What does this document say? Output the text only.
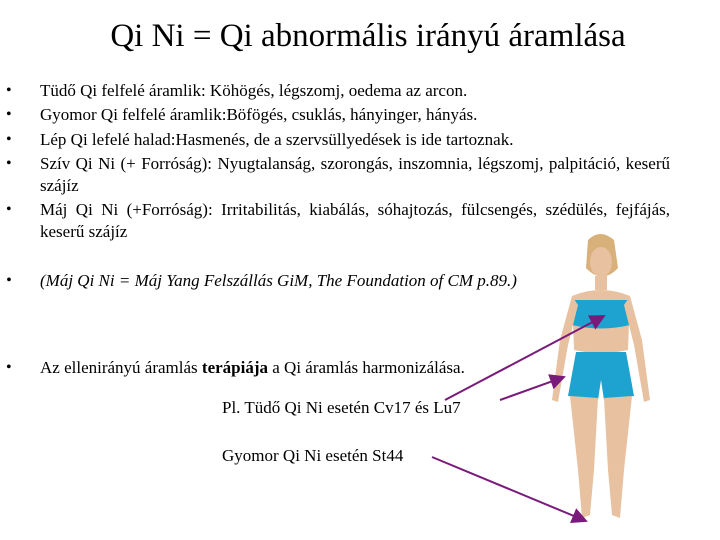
Qi Ni = Qi abnormális irányú áramlása
• Tüdő Qi felfelé áramlik: Köhögés, légszomj, oedema az arcon.
• Gyomor Qi felfelé áramlik:Böfögés, csuklás, hányinger, hányás.
• Lép Qi lefelé halad:Hasmenés, de a szervsüllyedések is ide tartoznak.
• Szív Qi Ni (+ Forróság): Nyugtalanság, szorongás, inszomnia, légszomj, palpitáció, keserű szájíz
• Máj Qi Ni (+Forróság): Irritabilitás, kiabálás, sóhajtozás, fülcsengés, szédülés, fejfájás, keserű szájíz
• (Máj Qi Ni = Máj Yang Felszállás GiM, The Foundation of CM p.89.)
• Az ellenirányú áramlás terápiája a Qi áramlás harmonizálása.
Pl. Tüdő Qi Ni esetén Cv17 és Lu7
Gyomor Qi Ni esetén St44
